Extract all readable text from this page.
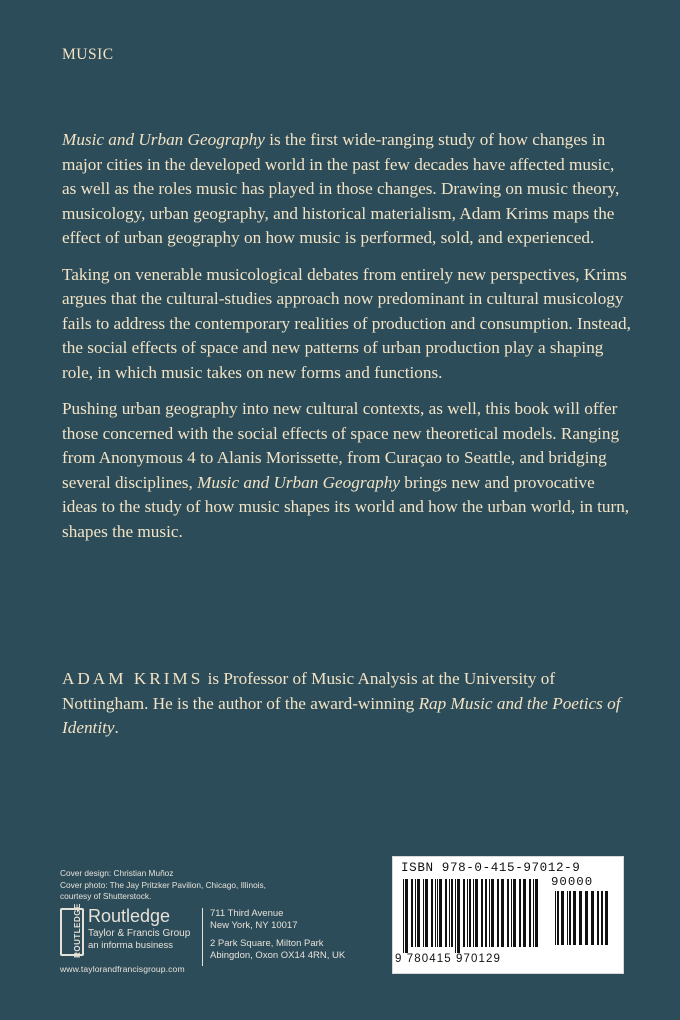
MUSIC

Music and Urban Geography is the first wide-ranging study of how changes in major cities in the developed world in the past few decades have affected music, as well as the roles music has played in those changes. Drawing on music theory, musicology, urban geography, and historical materialism, Adam Krims maps the effect of urban geography on how music is performed, sold, and experienced.

Taking on venerable musicological debates from entirely new perspectives, Krims argues that the cultural-studies approach now predominant in cultural musicology fails to address the contemporary realities of production and consumption. Instead, the social effects of space and new patterns of urban production play a shaping role, in which music takes on new forms and functions.

Pushing urban geography into new cultural contexts, as well, this book will offer those concerned with the social effects of space new theoretical models. Ranging from Anonymous 4 to Alanis Morissette, from Curaçao to Seattle, and bridging several disciplines, Music and Urban Geography brings new and provocative ideas to the study of how music shapes its world and how the urban world, in turn, shapes the music.

ADAM KRIMS is Professor of Music Analysis at the University of Nottingham. He is the author of the award-winning Rap Music and the Poetics of Identity.
Cover design: Christian Muñoz
Cover photo: The Jay Pritzker Pavilion, Chicago, Illinois,
courtesy of Shutterstock.
ROUTLEDGE Routledge
Taylor & Francis Group
an informa business
711 Third Avenue
New York, NY 10017
2 Park Square, Milton Park
Abingdon, Oxon OX14 4RN, UK
www.taylorandfrancisgroup.com
ISBN 978-0-415-97012-9
90000
9 780415 970129
